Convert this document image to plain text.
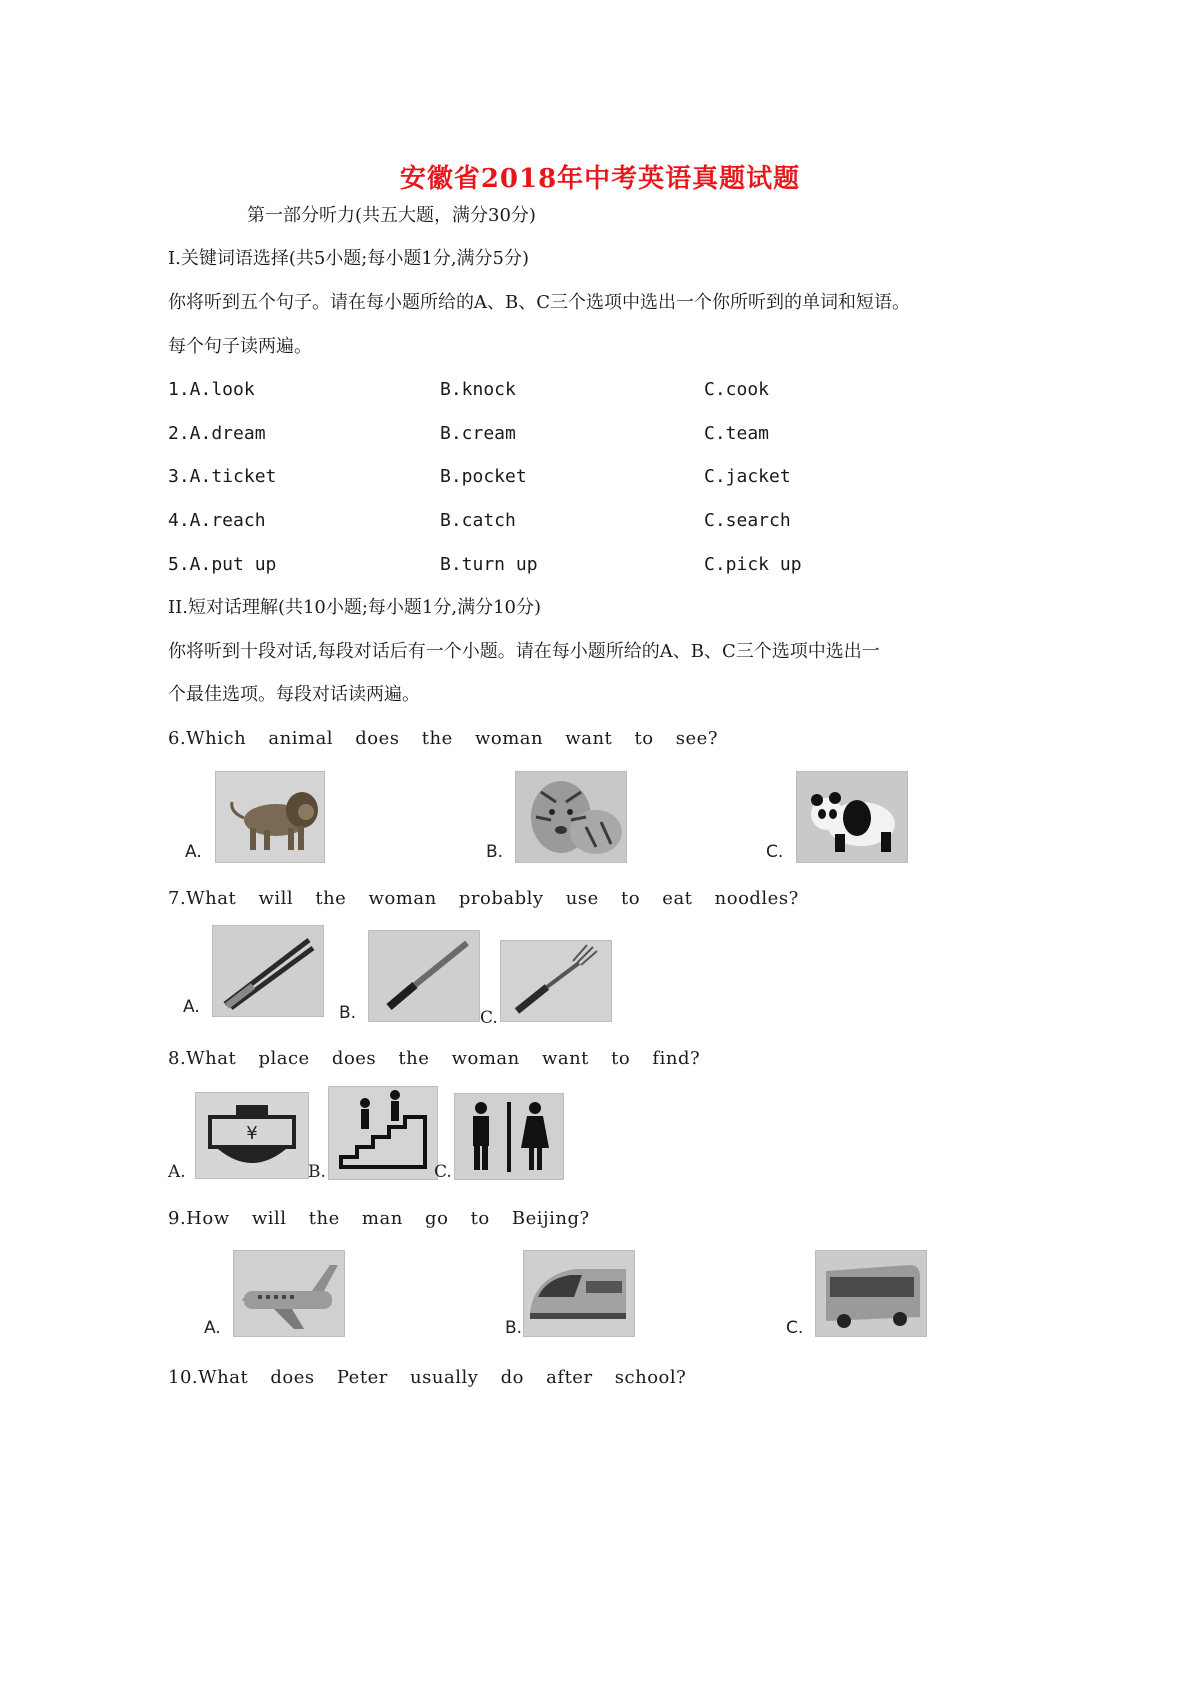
安徽省2018年中考英语真题试题
第一部分听力(共五大题，满分30分)
I.关键词语选择(共5小题;每小题1分,满分5分)
你将听到五个句子。请在每小题所给的A、B、C三个选项中选出一个你所听到的单词和短语。
每个句子读两遍。
1.A.look	B.knock	C.cook
2.A.dream	B.cream	C.team
3.A.ticket	B.pocket	C.jacket
4.A.reach	B.catch	C.search
5.A.put up	B.turn up	C.pick up
II.短对话理解(共10小题;每小题1分,满分10分)
你将听到十段对话,每段对话后有一个小题。请在每小题所给的A、B、C三个选项中选出一
个最佳选项。每段对话读两遍。
6.Which animal does the woman want to see?
A.	B.	C.
7.What will the woman probably use to eat noodles?
A.	B.	C.
8.What place does the woman want to find?
¥
A.	B.	C.
9.How will the man go to Beijing?
A.	B.	C.
10.What does Peter usually do after school?
